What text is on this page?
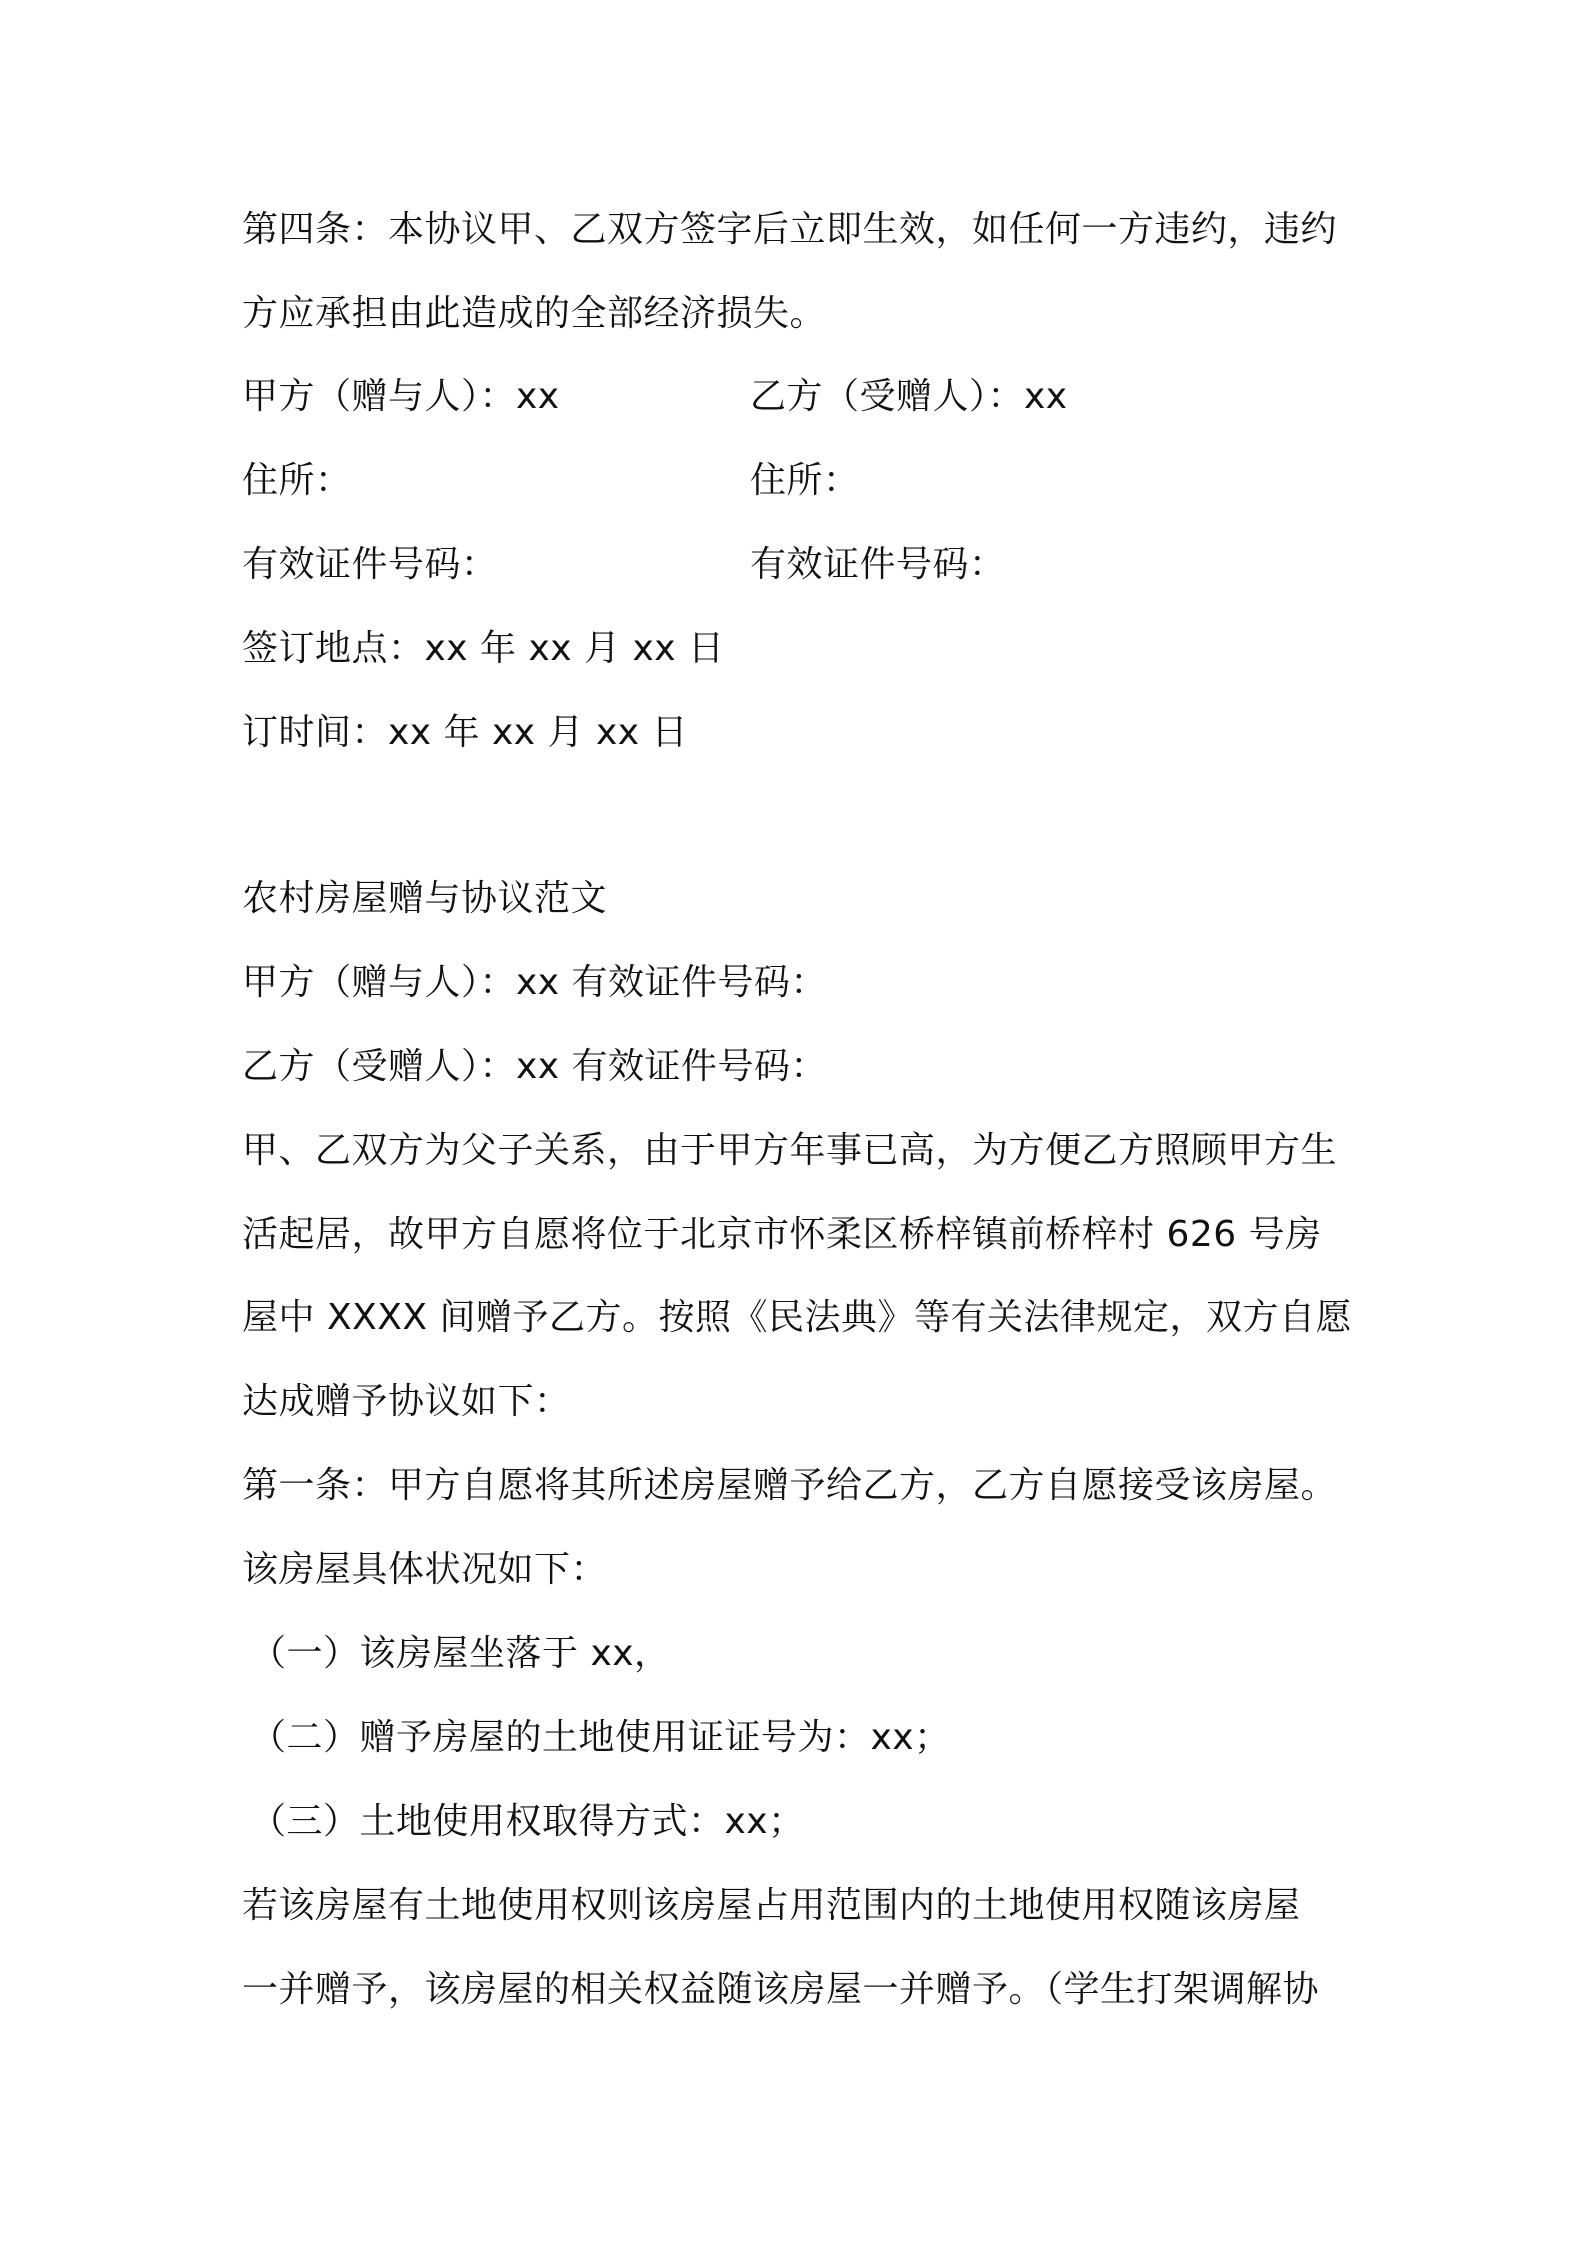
第四条：本协议甲、乙双方签字后立即生效，如任何一方违约，违约
方应承担由此造成的全部经济损失。
甲方（赠与人）：xx	乙方（受赠人）：xx
住所：	住所：
有效证件号码：	有效证件号码：
签订地点：xx 年 xx 月 xx 日
订时间：xx 年 xx 月 xx 日
农村房屋赠与协议范文
甲方（赠与人）：xx 有效证件号码：
乙方（受赠人）：xx 有效证件号码：
甲、乙双方为父子关系，由于甲方年事已高，为方便乙方照顾甲方生
活起居，故甲方自愿将位于北京市怀柔区桥梓镇前桥梓村 626 号房
屋中 XXXX 间赠予乙方。按照《民法典》等有关法律规定，双方自愿
达成赠予协议如下：
第一条：甲方自愿将其所述房屋赠予给乙方，乙方自愿接受该房屋。
该房屋具体状况如下：
（一）该房屋坐落于 xx，
（二）赠予房屋的土地使用证证号为：xx；
（三）土地使用权取得方式：xx；
若该房屋有土地使用权则该房屋占用范围内的土地使用权随该房屋
一并赠予，该房屋的相关权益随该房屋一并赠予。（学生打架调解协
